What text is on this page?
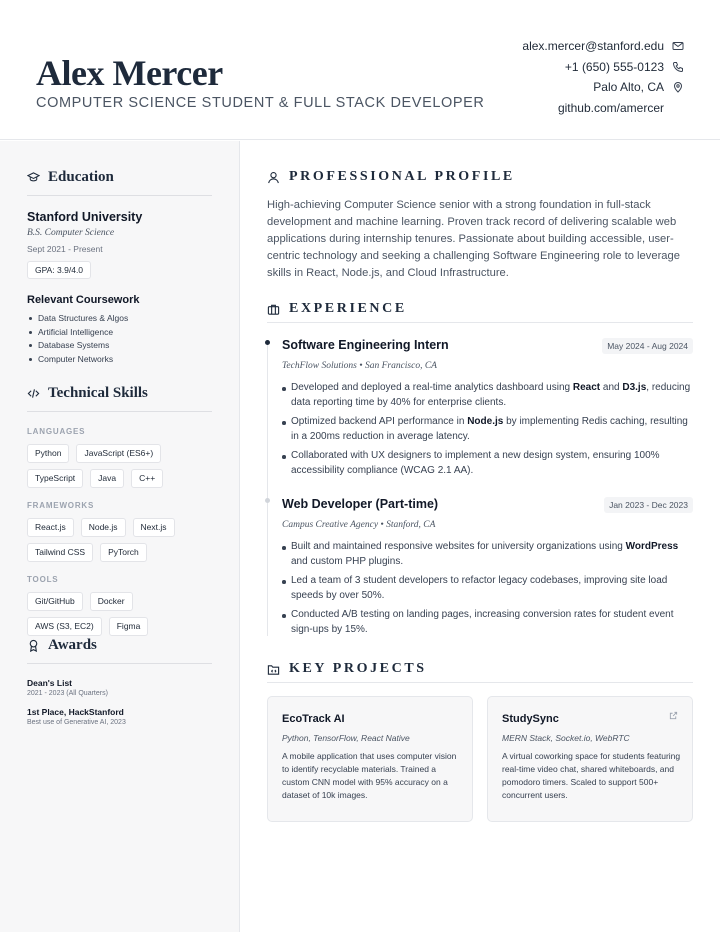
Alex Mercer
COMPUTER SCIENCE STUDENT & FULL STACK DEVELOPER
alex.mercer@stanford.edu
+1 (650) 555-0123
Palo Alto, CA
github.com/amercer
Education
Stanford University
B.S. Computer Science
Sept 2021 - Present
GPA: 3.9/4.0
Relevant Coursework
Data Structures & Algos
Artificial Intelligence
Database Systems
Computer Networks
Technical Skills
LANGUAGES
Python	JavaScript (ES6+)
TypeScript	Java	C++
FRAMEWORKS
React.js	Node.js	Next.js
Tailwind CSS	PyTorch
TOOLS
Git/GitHub	Docker
AWS (S3, EC2)	Figma
Awards
Dean's List
2021 - 2023 (All Quarters)
1st Place, HackStanford
Best use of Generative AI, 2023
PROFESSIONAL PROFILE
High-achieving Computer Science senior with a strong foundation in full-stack development and machine learning. Proven track record of delivering scalable web applications during internship tenures. Passionate about building accessible, user-centric technology and seeking a challenging Software Engineering role to leverage skills in React, Node.js, and Cloud Infrastructure.
EXPERIENCE
Software Engineering Intern	May 2024 - Aug 2024
TechFlow Solutions • San Francisco, CA
Developed and deployed a real-time analytics dashboard using React and D3.js, reducing data reporting time by 40% for enterprise clients.
Optimized backend API performance in Node.js by implementing Redis caching, resulting in a 200ms reduction in average latency.
Collaborated with UX designers to implement a new design system, ensuring 100% accessibility compliance (WCAG 2.1 AA).
Web Developer (Part-time)	Jan 2023 - Dec 2023
Campus Creative Agency • Stanford, CA
Built and maintained responsive websites for university organizations using WordPress and custom PHP plugins.
Led a team of 3 student developers to refactor legacy codebases, improving site load speeds by over 50%.
Conducted A/B testing on landing pages, increasing conversion rates for student event sign-ups by 15%.
KEY PROJECTS
EcoTrack AI
Python, TensorFlow, React Native
A mobile application that uses computer vision to identify recyclable materials. Trained a custom CNN model with 95% accuracy on a dataset of 10k images.
StudySync
MERN Stack, Socket.io, WebRTC
A virtual coworking space for students featuring real-time video chat, shared whiteboards, and pomodoro timers. Scaled to support 500+ concurrent users.
